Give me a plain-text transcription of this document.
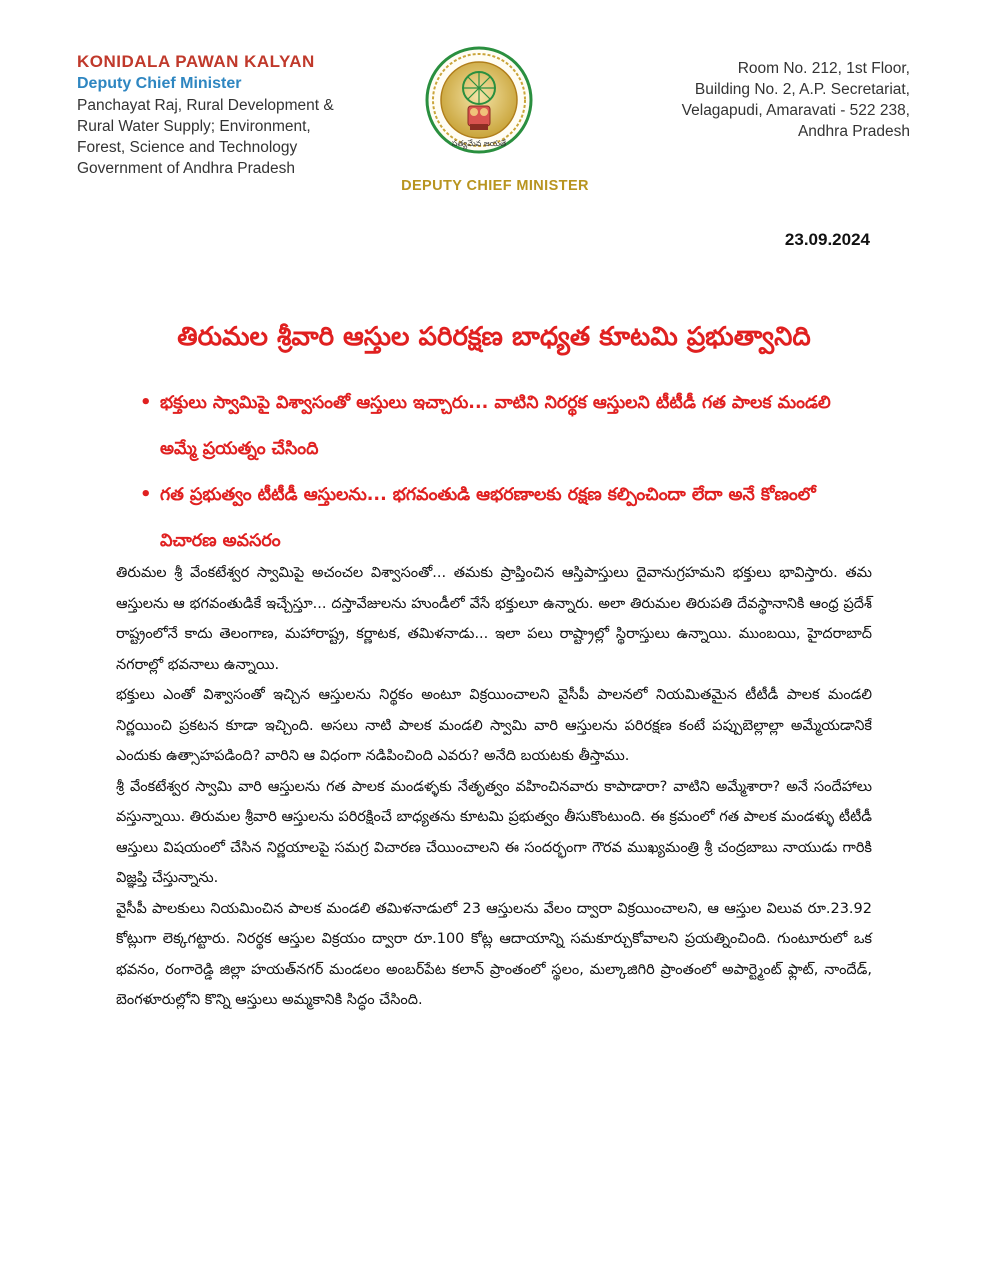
KONIDALA PAWAN KALYAN
Deputy Chief Minister
Panchayat Raj, Rural Development &
Rural Water Supply; Environment,
Forest, Science and Technology
Government of Andhra Pradesh
సత్యమేవ జయతే
DEPUTY CHIEF MINISTER
Room No. 212, 1st Floor,
Building No. 2, A.P. Secretariat,
Velagapudi, Amaravati - 522 238,
Andhra Pradesh
23.09.2024
తిరుమల శ్రీవారి ఆస్తుల పరిరక్షణ బాధ్యత కూటమి ప్రభుత్వానిది
• భక్తులు స్వామిపై విశ్వాసంతో ఆస్తులు ఇచ్చారు... వాటిని నిరర్థక ఆస్తులని టీటీడీ గత పాలక మండలి అమ్మే ప్రయత్నం చేసింది
• గత ప్రభుత్వం టీటీడీ ఆస్తులను... భగవంతుడి ఆభరణాలకు రక్షణ కల్పించిందా లేదా అనే కోణంలో విచారణ అవసరం

తిరుమల శ్రీ వేంకటేశ్వర స్వామిపై అచంచల విశ్వాసంతో... తమకు ప్రాప్తించిన ఆస్తిపాస్తులు దైవానుగ్రహమని భక్తులు భావిస్తారు. తమ ఆస్తులను ఆ భగవంతుడికే ఇచ్చేస్తూ... దస్తావేజులను హుండీలో వేసే భక్తులూ ఉన్నారు. అలా తిరుమల తిరుపతి దేవస్థానానికి ఆంధ్ర ప్రదేశ్ రాష్ట్రంలోనే కాదు తెలంగాణ, మహారాష్ట్ర, కర్ణాటక, తమిళనాడు... ఇలా పలు రాష్ట్రాల్లో స్థిరాస్తులు ఉన్నాయి. ముంబయి, హైదరాబాద్ నగరాల్లో భవనాలు ఉన్నాయి.

భక్తులు ఎంతో విశ్వాసంతో ఇచ్చిన ఆస్తులను నిర్థకం అంటూ విక్రయించాలని వైసీపీ పాలనలో నియమితమైన టీటీడీ పాలక మండలి నిర్ణయించి ప్రకటన కూడా ఇచ్చింది. అసలు నాటి పాలక మండలి స్వామి వారి ఆస్తులను పరిరక్షణ కంటే పప్పుబెల్లాల్లా అమ్మేయడానికే ఎందుకు ఉత్సాహపడింది? వారిని ఆ విధంగా నడిపించింది ఎవరు? అనేది బయటకు తీస్తాము.

శ్రీ వేంకటేశ్వర స్వామి వారి ఆస్తులను గత పాలక మండళ్ళకు నేతృత్వం వహించినవారు కాపాడారా? వాటిని అమ్మేశారా? అనే సందేహాలు వస్తున్నాయి. తిరుమల శ్రీవారి ఆస్తులను పరిరక్షించే బాధ్యతను కూటమి ప్రభుత్వం తీసుకొంటుంది. ఈ క్రమంలో గత పాలక మండళ్ళు టీటీడీ ఆస్తులు విషయంలో చేసిన నిర్ణయాలపై సమగ్ర విచారణ చేయించాలని ఈ సందర్భంగా గౌరవ ముఖ్యమంత్రి శ్రీ చంద్రబాబు నాయుడు గారికి విజ్ఞప్తి చేస్తున్నాను.

వైసీపీ పాలకులు నియమించిన పాలక మండలి తమిళనాడులో 23 ఆస్తులను వేలం ద్వారా విక్రయించాలని, ఆ ఆస్తుల విలువ రూ.23.92 కోట్లుగా లెక్కగట్టారు. నిరర్థక ఆస్తుల విక్రయం ద్వారా రూ.100 కోట్ల ఆదాయాన్ని సమకూర్చుకోవాలని ప్రయత్నించింది. గుంటూరులో ఒక భవనం, రంగారెడ్డి జిల్లా హయత్‌నగర్ మండలం అంబర్‌పేట కలాన్ ప్రాంతంలో స్థలం, మల్కాజిగిరి ప్రాంతంలో అపార్ట్మెంట్ ఫ్లాట్, నాందేడ్, బెంగళూరుల్లోని కొన్ని ఆస్తులు అమ్మకానికి సిద్ధం చేసింది.
